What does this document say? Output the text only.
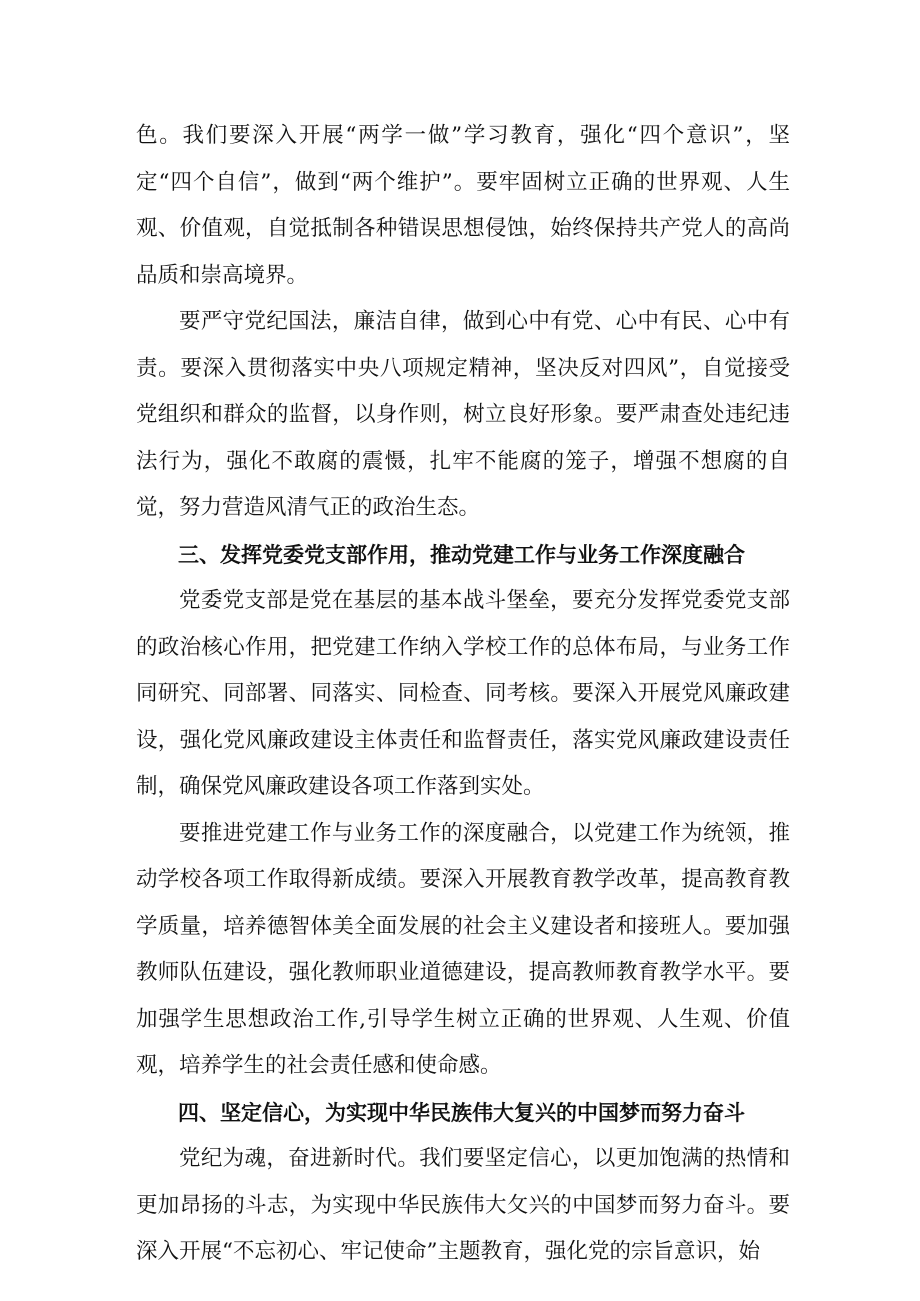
色。我们要深入开展“两学一做”学习教育，强化“四个意识”，坚定“四个自信”，做到“两个维护”。要牢固树立正确的世界观、人生观、价值观，自觉抵制各种错误思想侵蚀，始终保持共产党人的高尚品质和崇高境界。

要严守党纪国法，廉洁自律，做到心中有党、心中有民、心中有责。要深入贯彻落实中央八项规定精神，坚决反对四风”，自觉接受党组织和群众的监督，以身作则，树立良好形象。要严肃查处违纪违法行为，强化不敢腐的震慑，扎牢不能腐的笼子，增强不想腐的自觉，努力营造风清气正的政治生态。

三、发挥党委党支部作用，推动党建工作与业务工作深度融合

党委党支部是党在基层的基本战斗堡垒，要充分发挥党委党支部的政治核心作用，把党建工作纳入学校工作的总体布局，与业务工作同研究、同部署、同落实、同检查、同考核。要深入开展党风廉政建设，强化党风廉政建设主体责任和监督责任，落实党风廉政建设责任制，确保党风廉政建设各项工作落到实处。

要推进党建工作与业务工作的深度融合，以党建工作为统领，推动学校各项工作取得新成绩。要深入开展教育教学改革，提高教育教学质量，培养德智体美全面发展的社会主义建设者和接班人。要加强教师队伍建设，强化教师职业道德建设，提高教师教育教学水平。要加强学生思想政治工作,引导学生树立正确的世界观、人生观、价值观，培养学生的社会责任感和使命感。

四、坚定信心，为实现中华民族伟大复兴的中国梦而努力奋斗

党纪为魂，奋进新时代。我们要坚定信心，以更加饱满的热情和更加昂扬的斗志，为实现中华民族伟大攵兴的中国梦而努力奋斗。要深入开展“不忘初心、牢记使命”主题教育，强化党的宗旨意识，始
